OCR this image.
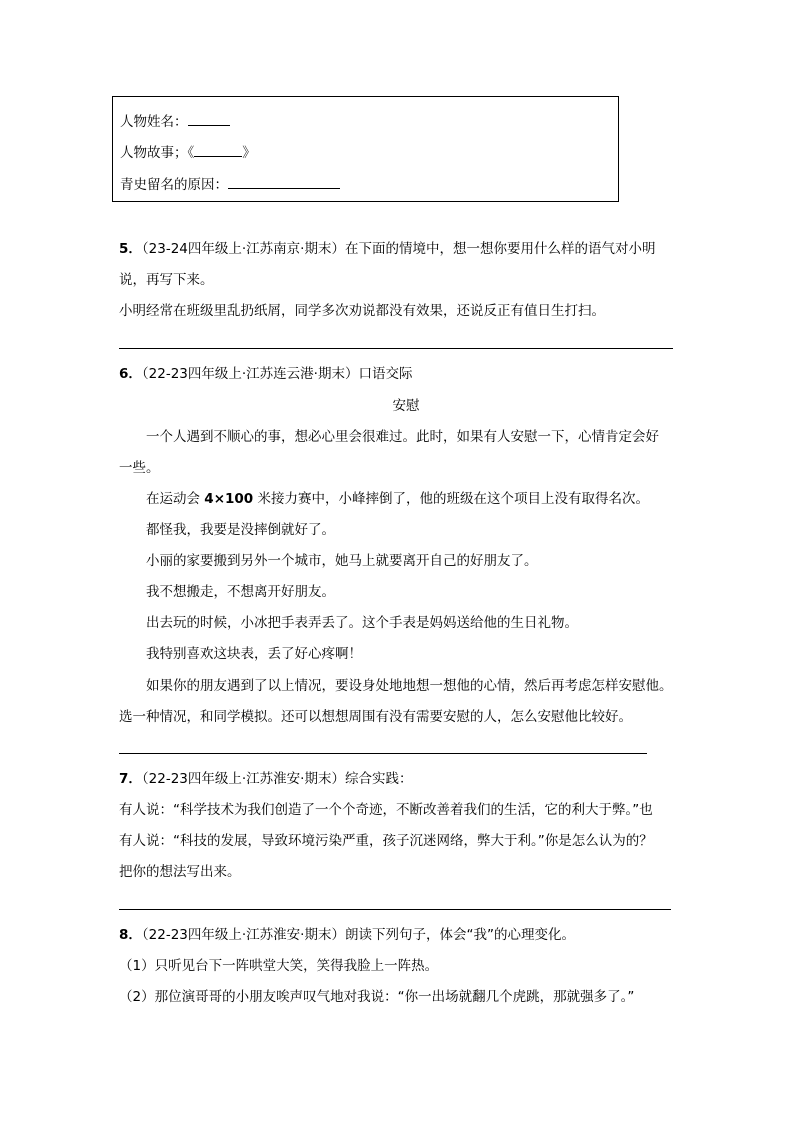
人物姓名：
人物故事；《	》
青史留名的原因：
5．（23-24四年级上·江苏南京·期末）在下面的情境中，想一想你要用什么样的语气对小明
说，再写下来。
小明经常在班级里乱扔纸屑，同学多次劝说都没有效果，还说反正有值日生打扫。
6．（22-23四年级上·江苏连云港·期末）口语交际
安慰
一个人遇到不顺心的事，想必心里会很难过。此时，如果有人安慰一下，心情肯定会好
一些。
在运动会 4×100 米接力赛中，小峰摔倒了，他的班级在这个项目上没有取得名次。
都怪我，我要是没摔倒就好了。
小丽的家要搬到另外一个城市，她马上就要离开自己的好朋友了。
我不想搬走，不想离开好朋友。
出去玩的时候，小冰把手表弄丢了。这个手表是妈妈送给他的生日礼物。
我特别喜欢这块表，丢了好心疼啊！
如果你的朋友遇到了以上情况，要设身处地地想一想他的心情，然后再考虑怎样安慰他。
选一种情况，和同学模拟。还可以想想周围有没有需要安慰的人，怎么安慰他比较好。
7．（22-23四年级上·江苏淮安·期末）综合实践：
有人说：“科学技术为我们创造了一个个奇迹，不断改善着我们的生活，它的利大于弊。”也
有人说：“科技的发展，导致环境污染严重，孩子沉迷网络，弊大于利。”你是怎么认为的？
把你的想法写出来。
8．（22-23四年级上·江苏淮安·期末）朗读下列句子，体会“我”的心理变化。
（1）只听见台下一阵哄堂大笑，笑得我脸上一阵热。
（2）那位演哥哥的小朋友唉声叹气地对我说：“你一出场就翻几个虎跳，那就强多了。”
